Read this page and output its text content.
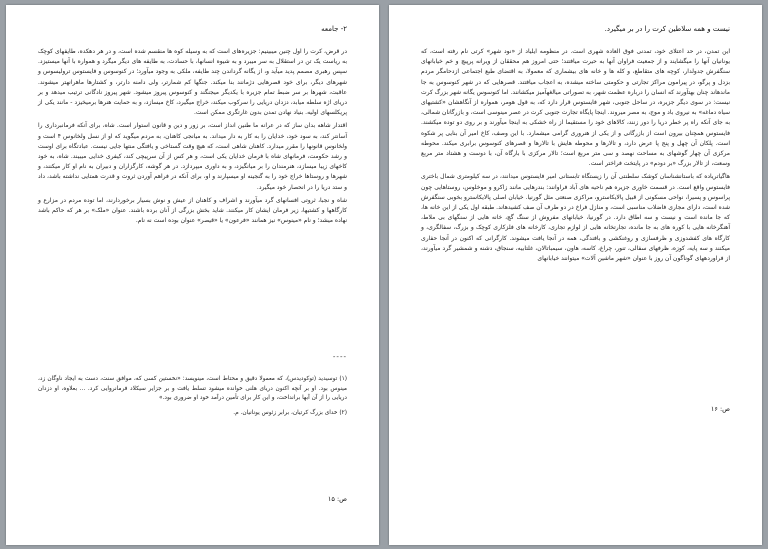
۲- جامعه

در قرض، کرت را اول چنین میبینیم: جزیره‌های است که به وسیله کوه ها منقسم شده است، و در هر دهکده، طایفهای کوچک به ریاست یک تن در استقلال به سر میبرد و به شیوه انسانها، با حسادت، به طایفه های دیگر میگرد و همواره با آنها میستیزد. سپس رهبری مصمم پدید میآید و، از یگانه گرداندن چند طایفه، ملکی به وجود میآورد؛ در کنوسوس و فایستوس ترولیسوس و شهرهای دیگر، برای خود قصرهایی دژمانند بنا میکند. جنگها کم شمارتر، ولی دامنه دارتر، و کشتارها ماهرانهتر میشوند. عاقبت، شهرها بر سر ضبط تمام جزیره با یکدیگر میجنگند و کنوسوس پیروز میشود. شهر پیروز نادگانی ترتیب میدهد و بر دریای اژه سلطه میابد، دزدان دریایی را سرکوب میکند، خراج میگیرد، کاخ میسازد، و به حمایت هنرها برمیخیزد - مانند یکی از پریکلسهای اولیه. بنیاد نهادن تمدن بدون غارتگری ممکن است.

اقتدار شاهه بدان ساز که در عرانه ما طنین انداز است، بر زور و دین و قانون استوار است. شاه، برای آنکه فرمانبرداری را آسانتر کند، به سود خود، خدایان را به کار به دار میداند. به میانجی کاهنان، به مردم میگوید که او از نسل ولخانوس ۴ است و ولخانوس قانونها را مقرر میدارد. کاهنان شاهی است، که هیچ وقت گستاخی و یافتگی منتها جایی نیست. عبادتگاه برای اوست و رشد حکومت، فرمانهای شاه با فرمان خدایان یکی است، و هر کس از آن سرپیچی کند، کیفری خدایی میبیند. شاه، به خود کاخهای زیبا میسازد، هنرمندان را بر میانگیزد، و به داوری میپردازد. در هر گوشه، کارگزاران و دبیران به نام او کار میکنند، و شهرها و روستاها خراج خود را به گنجینه او میسپارند و او، برای آنکه در فراهم آوردن ثروت و قدرت همتایی نداشته باشد، داد و ستد دریا را در انحصار خود میگیرد.

شاه و نجبا، ثروتی افسانهای گرد میآورند و اشراف و کاهنان از عیش و نوش بسیار برخوردارند، اما توده مردم در مزارع و کارگاهها و کشتیها، زیر فرمان ایشان کار میکنند. شاید بخش بزرگی از آنان برده باشند. عنوان «ملک» بر هر که حاکم باشد نهاده میشد؛ و نام «مینوس» نیز همانند «فرعون» یا «قیصر» عنوان بوده است نه نام.

----

(۱) توسیدید (توکودیدس)، که معمولا دقیق و محتاط است، مینویسد: «نخستین کسی که، موافق سنت، دست به ایجاد ناوگان زد، مینوس بود. او بر آنچه اکنون دریای هلنی خوانده میشود تسلط یافت و بر جزایر سیکلاد فرمانروایی کرد. ... بعلاوه، او دزدان دریایی را از آن آبها برانداخت، و این کار برای تأمین درآمد خود او ضروری بود.»

(۲) خدای بزرگ کرتیان، برابر زئوس یونانیان. م.

ص: ۱۵
نیست و همه سلاطین کرت را در بر میگیرد.

این تمدن، در حد اعتلای خود، تمدنی فوق العاده شهری است. در منظومه ایلیاد از «نود شهر» کرتی نام رفته است، که یونانیان آنها را میگشایند و از جمعیت فراوان آنها به حیرت میافتند؛ حتی امروز هم محققان از ویرانه پرپیچ و خم خیابانهای سنگفرش جدولدار، کوچه های متقاطع، و کله ها و خانه های بیشماری که معمولا، به اقتضای طبع اجتماعی ازدحامگر مردم بزدل و پرگو، در پیرامون مراکز تجارتی و حکومتی ساخته میشده، به اعجاب میافتند. قصرهایی که در شهر کنوسوس به جا ماندهاند چنان بهتآورند که انسان را درباره عظمت شهر، به تصوراتی میالغهآمیز میکشانند. اما کنوسوس یگانه شهر بزرگ کرت نیست: در سوی دیگر جزیره، در ساحل جنوبی، شهر فایستوس قرار دارد که، به قول هومر، همواره از آنگاهشان «کشتیهای سیاه دماغه» به نیروی باد و موج، به مصر میروند. اینجا پایگاه تجارت جنوبی کرت در عصر مینوسی است، و بازرگانان شمالی، به جای آنکه راه پر خطر دریا را دور زنند، کالاهای خود را مستقیما از راه خشکی به اینجا میآورند و بر روی دو توده میکشند. فایستوس همچنان بیرون است از بازرگانی و از یکی از هنروری گرامی میشمارد. با این وصف، کاخ امیر آن بنایی پر شکوه است. پلکان آن چهل و پنج پا عرض دارد، و تالارها و محوطه هایش با تالارها و قصرهای کنوسوس برابری میکند. محوطه مرکزی آن چهار گوشهای به مساحت نهصد و سی متر مربع است؛ تالار مرکزی با بارگاه آن، با دوست و هشتاد متر مربع وسعت، از تالار بزرگ «بر دودم» در پایتخت فراختر است.

هاگیاتریاده که باستانشناسان کوشک سلطنتی آن را زیستگاه تابستانی امیر فایستوس میدانند، در سه کیلومتری شمال باختری فایستوس واقع است. در قسمت خاوری جزیره هم ناحیه های آباد فراوانند: بندرهایی مانند زاکرو و موخلوس، روستاهایی چون پراسوس و پسیرا، نواحی مسکونی از قبیل پالایکاسترو، مراکزی صنعتی مثل گورنیا. خیابان اصلی پالایکاسترو بخوبی سنگفرش شده است، دارای مجاری فاضلاب مناسبی است، و منازل فراخ در دو طرف آن صف کشیدهاند. طبقه اول یکی از این خانه ها، که جا مانده است و نیست و سه اطاق دارد. در گورنیا، خیابانهای مفروش از سنگ گچ، خانه هایی از سنگهای بی ملاط، آهنگرخانه هایی با کوره های به جا مانده، تجارتخانه هایی از لوازم تجاری، کارخانه های فلزکاری کوچک و بزرگ، سفالگری، و کارگاه های کفشدوزی و ظرفسازی و روغنکشی و بافندگی، همه در آنجا یافت میشوند. کارگرانی که اکنون در آنجا حفاری میکنند و سه پایه، کوزه، ظرفهای سفالی، تنور، چراغ، کاسه، هاون، سیمباتالان، غلتابیه، سنجاق، دشنه و شمشیر گرد میآورند، از فراوردههای گوناگون آن روز با عنوان «شهر ماشین آلات» میتوانند خیابانهای

ص: ۱۶
